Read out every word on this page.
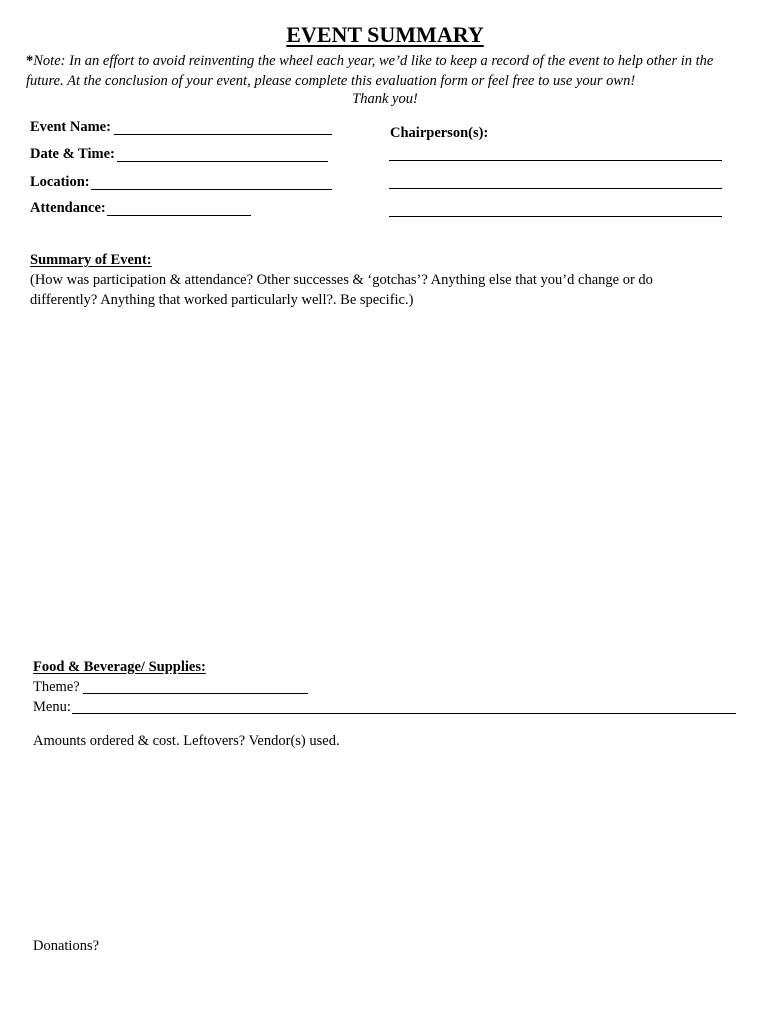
EVENT SUMMARY
*Note: In an effort to avoid reinventing the wheel each year, we’d like to keep a record of the event to help other in the future. At the conclusion of your event, please complete this evaluation form or feel free to use your own!
Thank you!
Event Name:
Date & Time:
Location:
Attendance:
Chairperson(s):
Summary of Event:
(How was participation & attendance? Other successes & ‘gotchas’? Anything else that you’d change or do differently? Anything that worked particularly well?. Be specific.)
Food & Beverage/ Supplies:
Theme?
Menu:
Amounts ordered & cost. Leftovers? Vendor(s) used.
Donations?
